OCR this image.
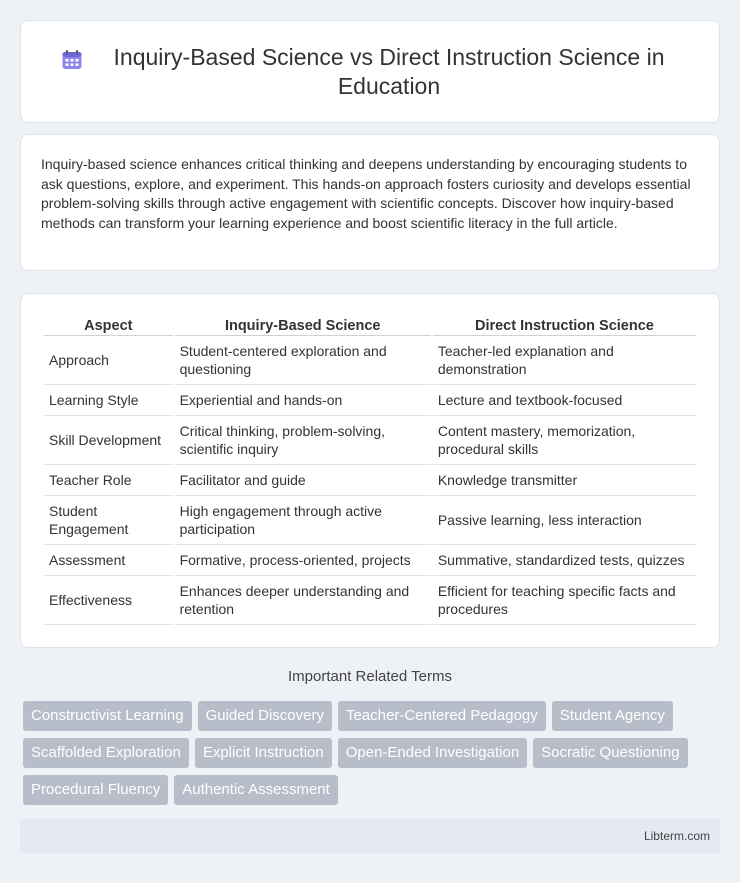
Inquiry-Based Science vs Direct Instruction Science in Education

Inquiry-based science enhances critical thinking and deepens understanding by encouraging students to ask questions, explore, and experiment. This hands-on approach fosters curiosity and develops essential problem-solving skills through active engagement with scientific concepts. Discover how inquiry-based methods can transform your learning experience and boost scientific literacy in the full article.

Aspect	Inquiry-Based Science	Direct Instruction Science
Approach	Student-centered exploration and questioning	Teacher-led explanation and demonstration
Learning Style	Experiential and hands-on	Lecture and textbook-focused
Skill Development	Critical thinking, problem-solving, scientific inquiry	Content mastery, memorization, procedural skills
Teacher Role	Facilitator and guide	Knowledge transmitter
Student Engagement	High engagement through active participation	Passive learning, less interaction
Assessment	Formative, process-oriented, projects	Summative, standardized tests, quizzes
Effectiveness	Enhances deeper understanding and retention	Efficient for teaching specific facts and procedures
Important Related Terms
Constructivist Learning	Guided Discovery	Teacher-Centered Pedagogy	Student Agency
Scaffolded Exploration	Explicit Instruction	Open-Ended Investigation	Socratic Questioning
Procedural Fluency	Authentic Assessment
Libterm.com
